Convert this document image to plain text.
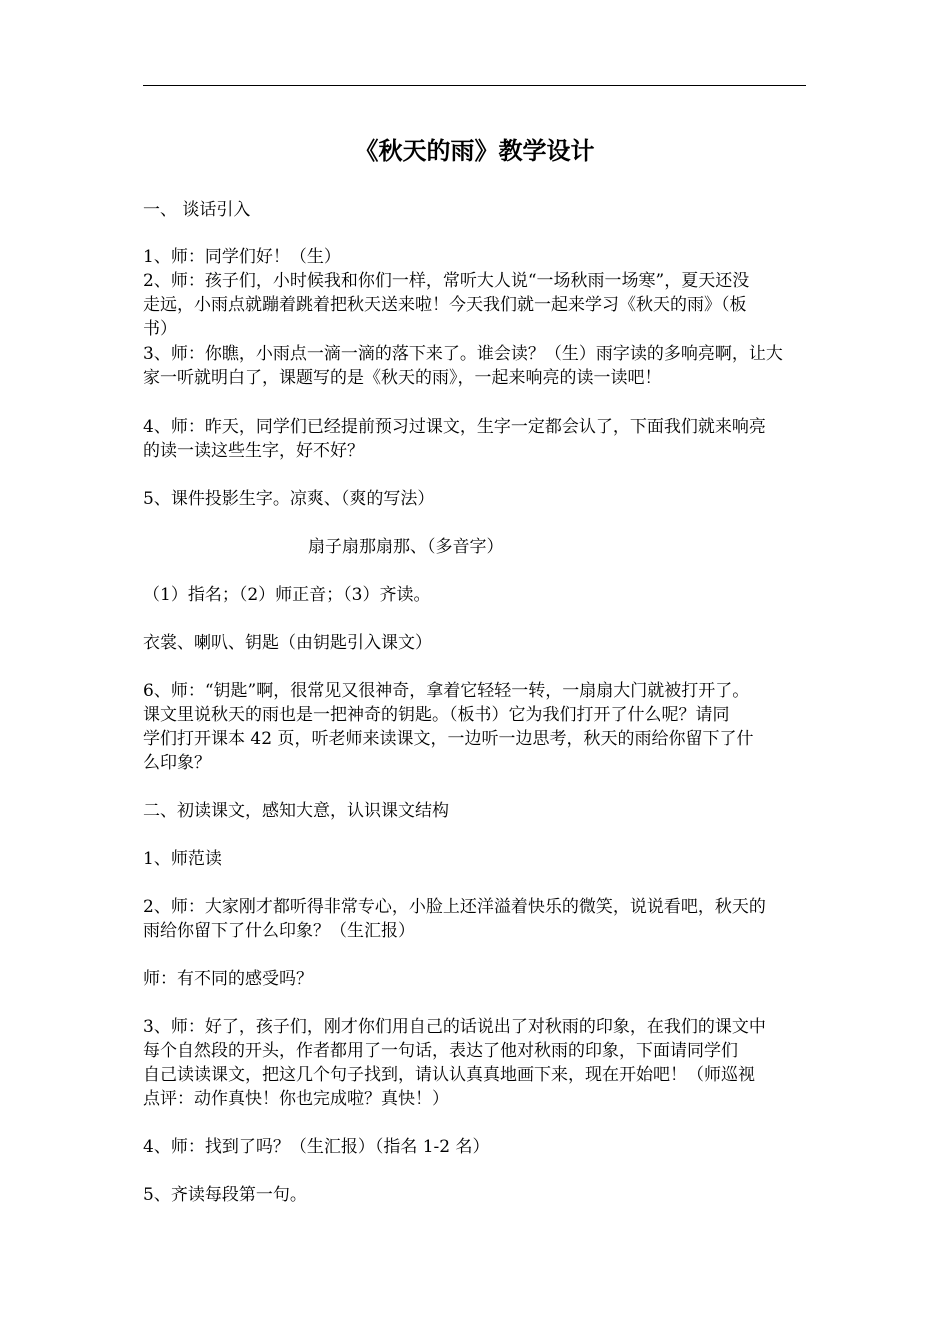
《秋天的雨》教学设计
一、 谈话引入
1、师：同学们好！（生）
2、师：孩子们，小时候我和你们一样，常听大人说“一场秋雨一场寒”，夏天还没
走远，小雨点就蹦着跳着把秋天送来啦！今天我们就一起来学习《秋天的雨》（板
书）
3、师：你瞧，小雨点一滴一滴的落下来了。谁会读？（生）雨字读的多响亮啊，让大
家一听就明白了，课题写的是《秋天的雨》，一起来响亮的读一读吧！
4、师：昨天，同学们已经提前预习过课文，生字一定都会认了，下面我们就来响亮
的读一读这些生字，好不好？
5、课件投影生字。凉爽、（爽的写法）
扇子扇那扇那、（多音字）
（1）指名；（2）师正音；（3）齐读。
衣裳、喇叭、钥匙（由钥匙引入课文）
6、师：“钥匙”啊，很常见又很神奇，拿着它轻轻一转，一扇扇大门就被打开了。
课文里说秋天的雨也是一把神奇的钥匙。（板书）它为我们打开了什么呢？请同
学们打开课本 42 页，听老师来读课文，一边听一边思考，秋天的雨给你留下了什
么印象？
二、初读课文，感知大意，认识课文结构
1、师范读
2、师：大家刚才都听得非常专心，小脸上还洋溢着快乐的微笑，说说看吧，秋天的
雨给你留下了什么印象？（生汇报）
师：有不同的感受吗？
3、师：好了，孩子们，刚才你们用自己的话说出了对秋雨的印象，在我们的课文中
每个自然段的开头，作者都用了一句话，表达了他对秋雨的印象，下面请同学们
自己读读课文，把这几个句子找到，请认认真真地画下来，现在开始吧！（师巡视
点评：动作真快！你也完成啦？真快！）
4、师：找到了吗？（生汇报）（指名 1-2 名）
5、齐读每段第一句。
